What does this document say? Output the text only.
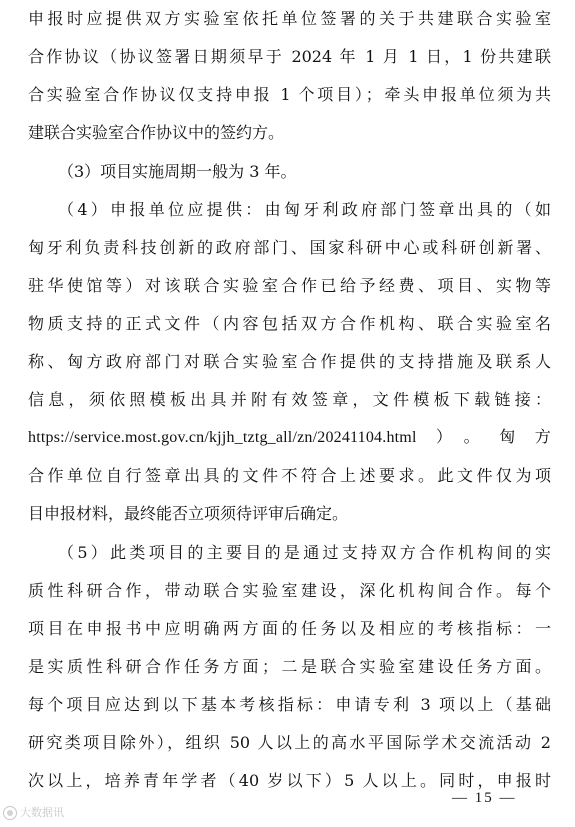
申报时应提供双方实验室依托单位签署的关于共建联合实验室
合作协议（协议签署日期须早于 2024 年 1 月 1 日，1 份共建联
合实验室合作协议仅支持申报 1 个项目）；牵头申报单位须为共
建联合实验室合作协议中的签约方。
（3）项目实施周期一般为 3 年。
（4）申报单位应提供：由匈牙利政府部门签章出具的（如
匈牙利负责科技创新的政府部门、国家科研中心或科研创新署、
驻华使馆等）对该联合实验室合作已给予经费、项目、实物等
物质支持的正式文件（内容包括双方合作机构、联合实验室名
称、匈方政府部门对联合实验室合作提供的支持措施及联系人
信息，须依照模板出具并附有效签章，文件模板下载链接：
https://service.most.gov.cn/kjjh_tztg_all/zn/20241104.html）。匈方
合作单位自行签章出具的文件不符合上述要求。此文件仅为项
目申报材料，最终能否立项须待评审后确定。
（5）此类项目的主要目的是通过支持双方合作机构间的实
质性科研合作，带动联合实验室建设，深化机构间合作。每个
项目在申报书中应明确两方面的任务以及相应的考核指标：一
是实质性科研合作任务方面；二是联合实验室建设任务方面。
每个项目应达到以下基本考核指标：申请专利 3 项以上（基础
研究类项目除外），组织 50 人以上的高水平国际学术交流活动 2
次以上，培养青年学者（40 岁以下）5 人以上。同时，申报时
— 15 —
大数据讯
